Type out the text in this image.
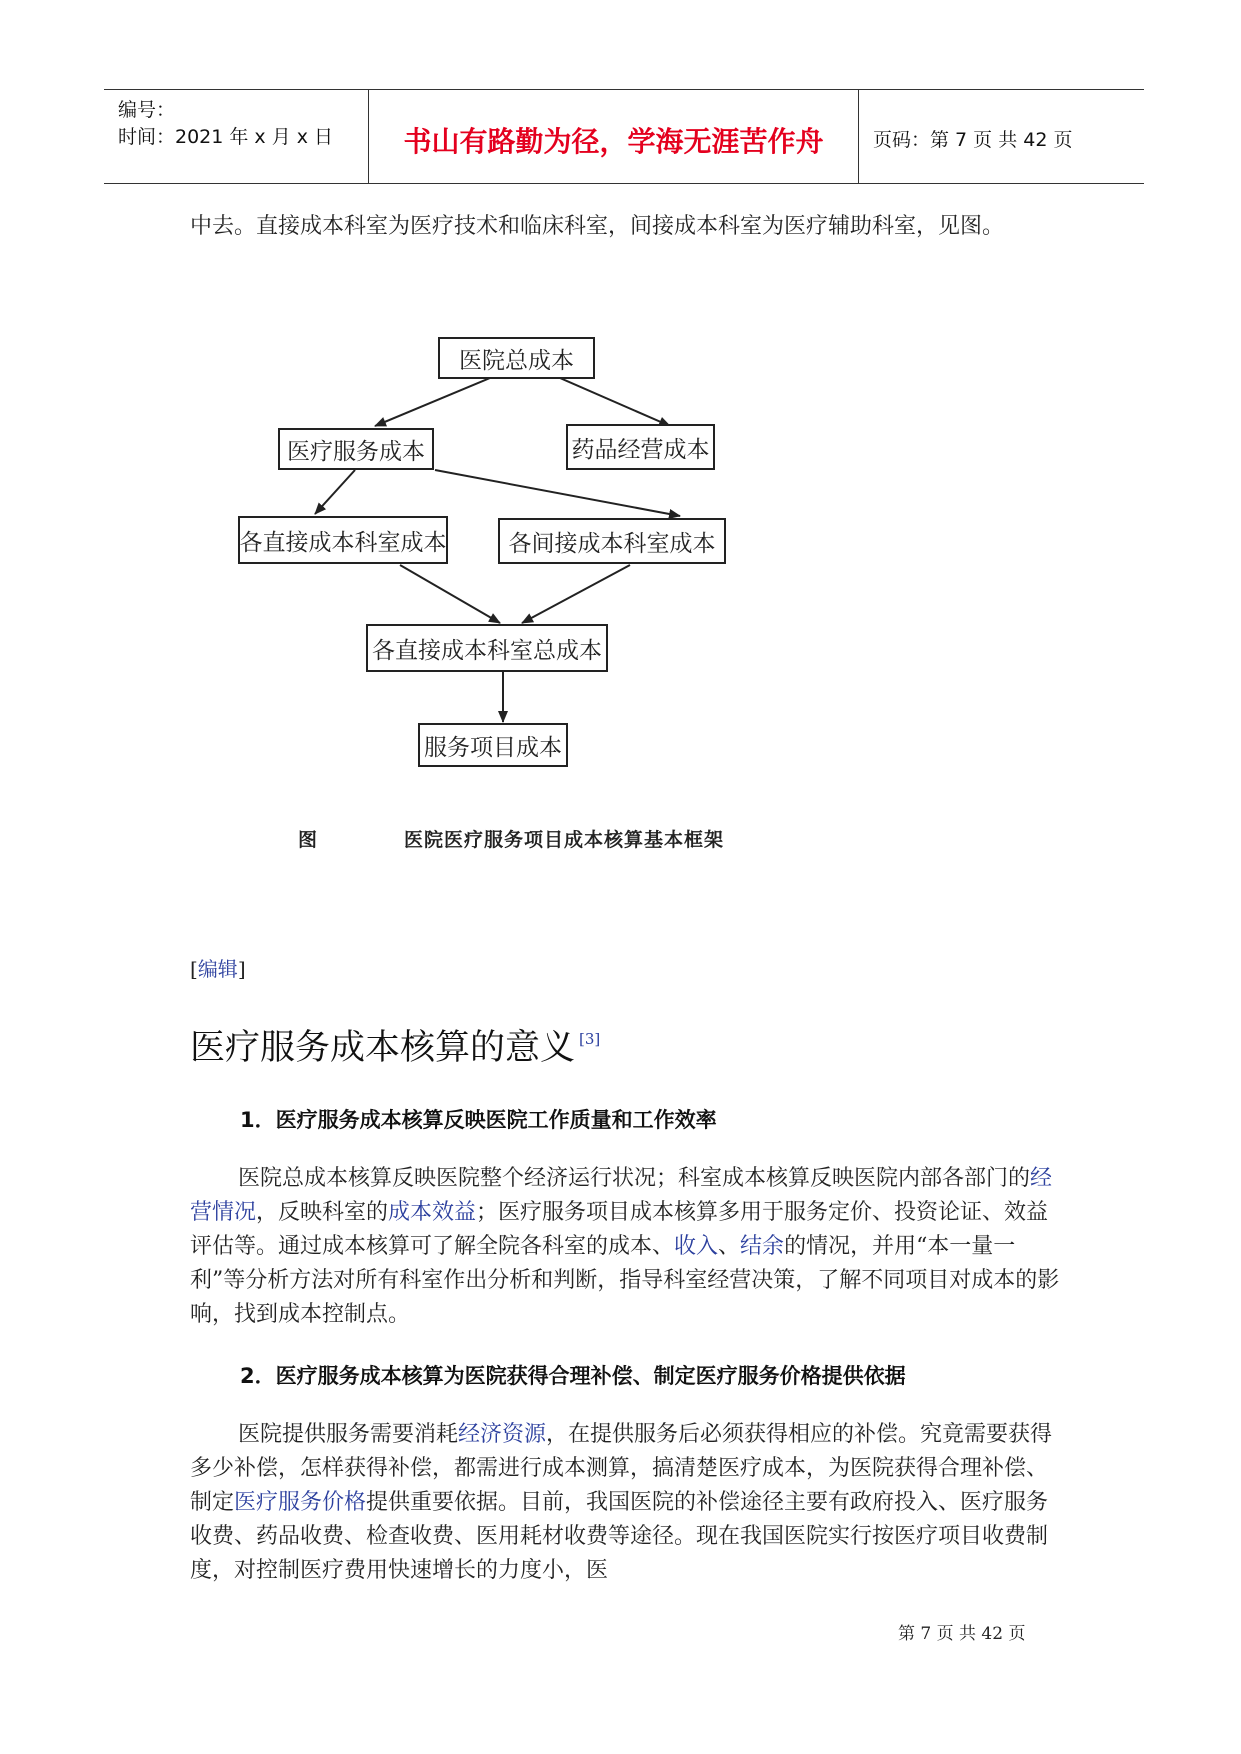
编号：
时间：2021 年 x 月 x 日	书山有路勤为径，学海无涯苦作舟	页码：第 7 页 共 42 页
中去。直接成本科室为医疗技术和临床科室，间接成本科室为医疗辅助科室，见图。
医院总成本
医疗服务成本	药品经营成本
各直接成本科室成本	各间接成本科室成本
各直接成本科室总成本
服务项目成本
图	医院医疗服务项目成本核算基本框架
[编辑]
医疗服务成本核算的意义 [3]
1．医疗服务成本核算反映医院工作质量和工作效率
医院总成本核算反映医院整个经济运行状况；科室成本核算反映医院内部各部门的经营情况，反映科室的成本效益；医疗服务项目成本核算多用于服务定价、投资论证、效益评估等。通过成本核算可了解全院各科室的成本、收入、结余的情况，并用“本一量一利”等分析方法对所有科室作出分析和判断，指导科室经营决策，了解不同项目对成本的影响，找到成本控制点。
2．医疗服务成本核算为医院获得合理补偿、制定医疗服务价格提供依据
医院提供服务需要消耗经济资源，在提供服务后必须获得相应的补偿。究竟需要获得多少补偿，怎样获得补偿，都需进行成本测算，搞清楚医疗成本，为医院获得合理补偿、制定医疗服务价格提供重要依据。目前，我国医院的补偿途径主要有政府投入、医疗服务收费、药品收费、检查收费、医用耗材收费等途径。现在我国医院实行按医疗项目收费制度，对控制医疗费用快速增长的力度小，医
第 7 页 共 42 页
